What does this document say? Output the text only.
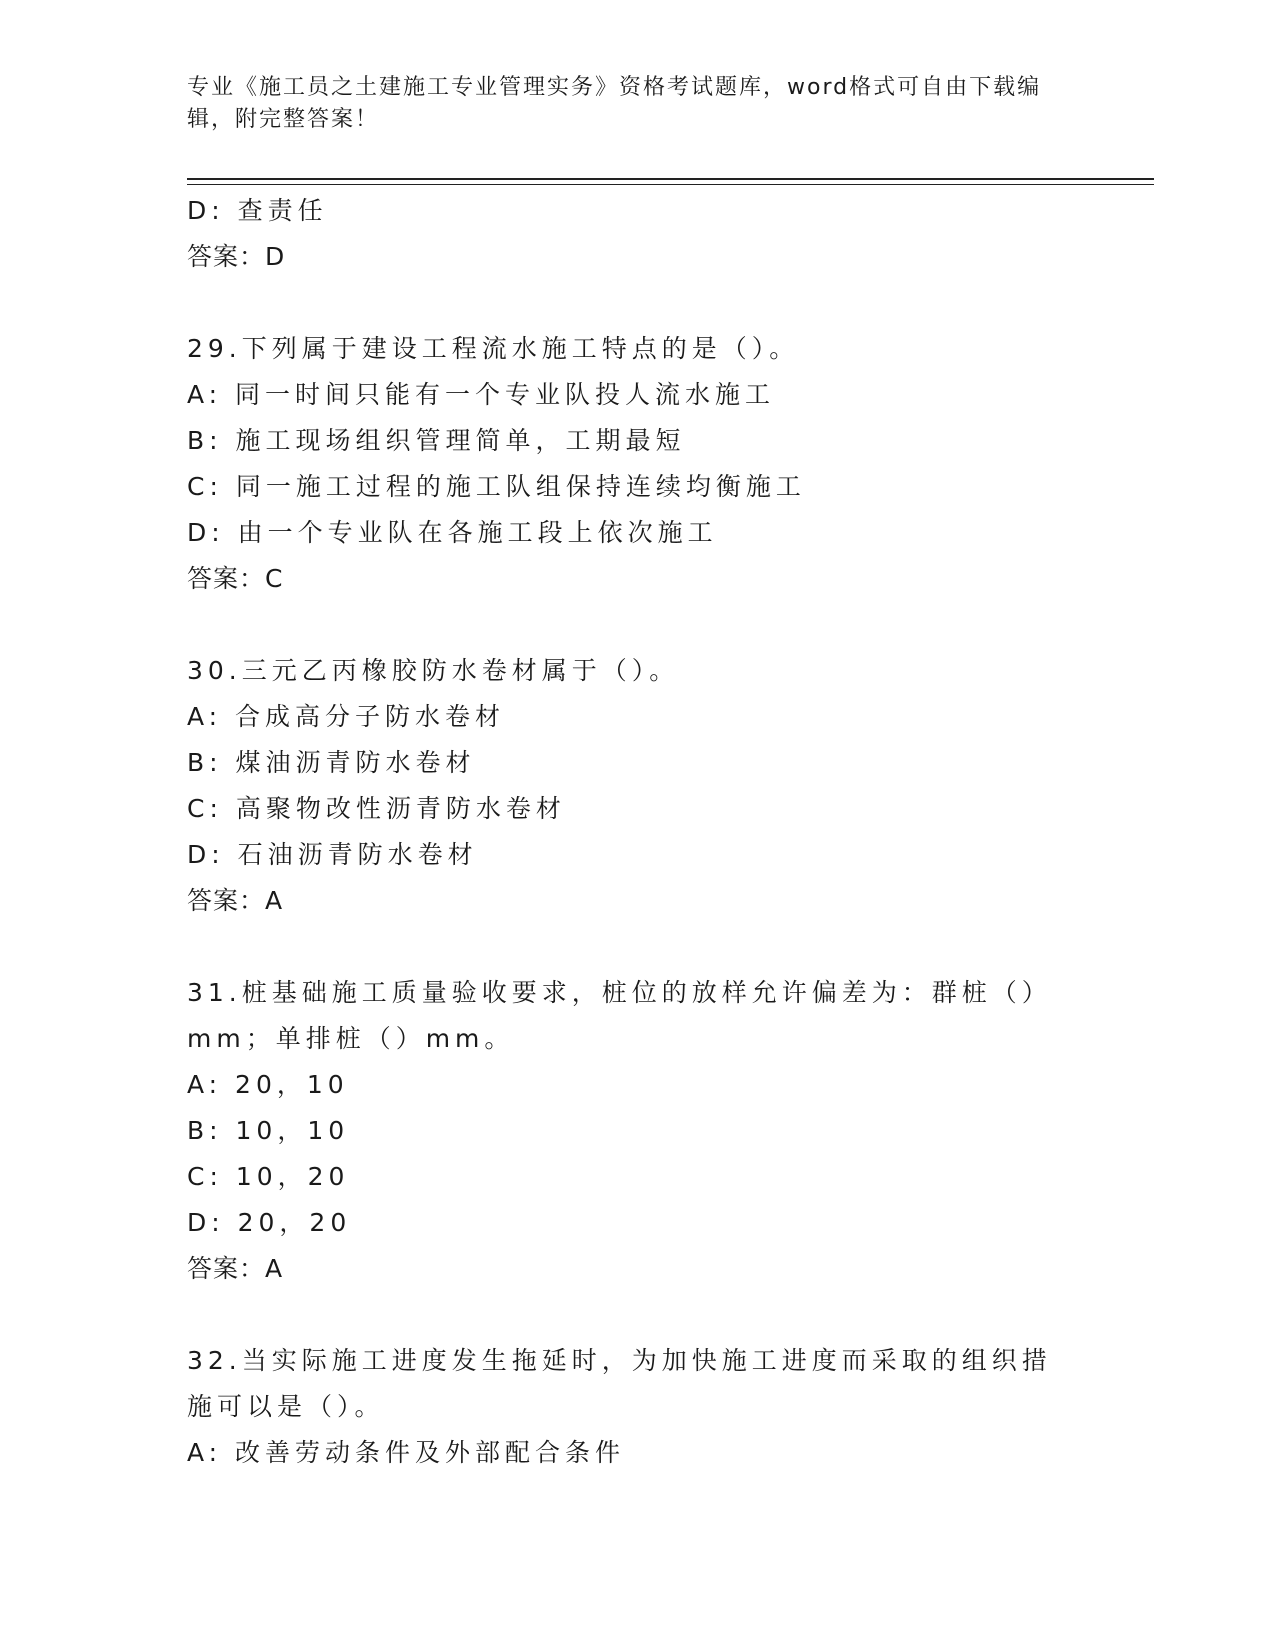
专业《施工员之土建施工专业管理实务》资格考试题库，word格式可自由下载编辑，附完整答案！
D: 查责任
答案：D
29.下列属于建设工程流水施工特点的是（）。
A: 同一时间只能有一个专业队投人流水施工
B: 施工现场组织管理简单，工期最短
C: 同一施工过程的施工队组保持连续均衡施工
D: 由一个专业队在各施工段上依次施工
答案：C
30.三元乙丙橡胶防水卷材属于（）。
A: 合成高分子防水卷材
B: 煤油沥青防水卷材
C: 高聚物改性沥青防水卷材
D: 石油沥青防水卷材
答案：A
31.桩基础施工质量验收要求，桩位的放样允许偏差为：群桩（）mm；单排桩（）mm。
A: 20，10
B: 10，10
C: 10，20
D: 20，20
答案：A
32.当实际施工进度发生拖延时，为加快施工进度而采取的组织措施可以是（）。
A: 改善劳动条件及外部配合条件
